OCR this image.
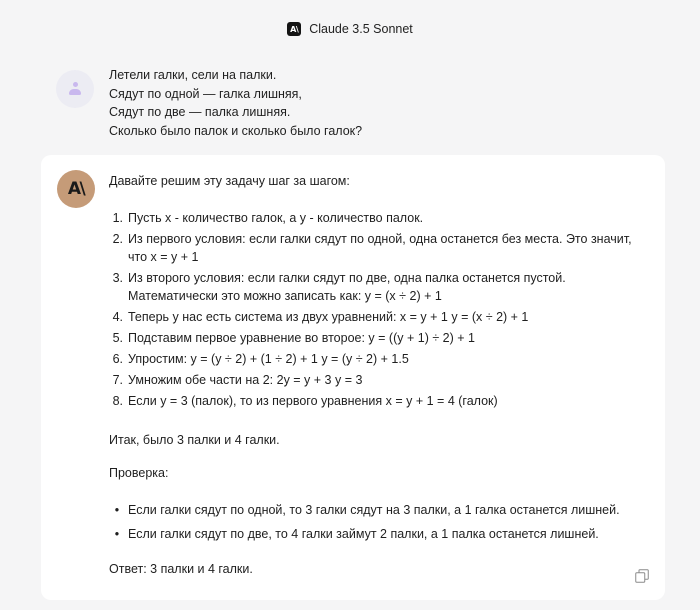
A\ Claude 3.5 Sonnet
Летели галки, сели на палки.
Сядут по одной — галка лишняя,
Сядут по две — палка лишняя.
Сколько было палок и сколько было галок?
A\	Давайте решим эту задачу шаг за шагом:

1. Пусть x - количество галок, а y - количество палок.
2. Из первого условия: если галки сядут по одной, одна останется без места. Это значит, что x = y + 1
3. Из второго условия: если галки сядут по две, одна палка останется пустой. Математически это можно записать как: y = (x ÷ 2) + 1
4. Теперь у нас есть система из двух уравнений: x = y + 1 y = (x ÷ 2) + 1
5. Подставим первое уравнение во второе: y = ((y + 1) ÷ 2) + 1
6. Упростим: y = (y ÷ 2) + (1 ÷ 2) + 1 y = (y ÷ 2) + 1.5
7. Умножим обе части на 2: 2y = y + 3 y = 3
8. Если y = 3 (палок), то из первого уравнения x = y + 1 = 4 (галок)

Итак, было 3 палки и 4 галки.

Проверка:

• Если галки сядут по одной, то 3 галки сядут на 3 палки, а 1 галка останется лишней.
• Если галки сядут по две, то 4 галки займут 2 палки, а 1 палка останется лишней.

Ответ: 3 палки и 4 галки.
